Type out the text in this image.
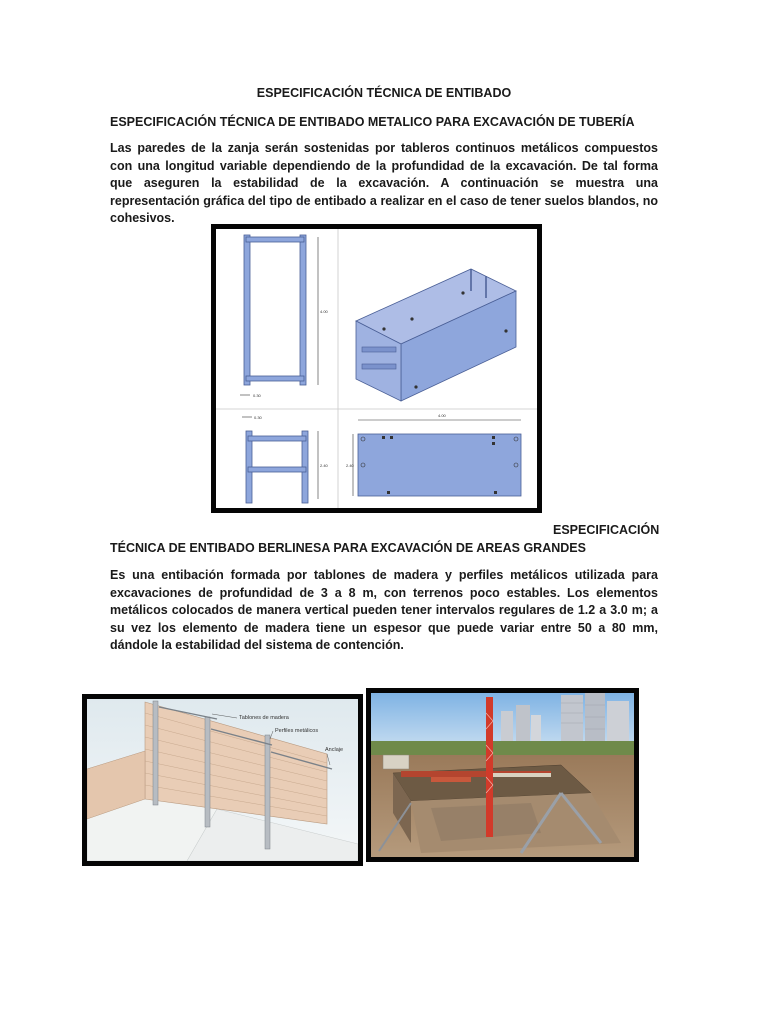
ESPECIFICACIÓN TÉCNICA DE ENTIBADO
ESPECIFICACIÓN TÉCNICA DE ENTIBADO METALICO PARA EXCAVACIÓN DE TUBERÍA

Las paredes de la zanja serán sostenidas por tableros continuos metálicos compuestos con una longitud variable dependiendo de la profundidad de la excavación. De tal forma que aseguren la estabilidad de la excavación. A continuación se muestra una representación gráfica del tipo de entibado a realizar en el caso de tener suelos blandos, no cohesivos.

4.00
0.30
0.30
2.40
4.00
2.40
ESPECIFICACIÓN
TÉCNICA DE ENTIBADO BERLINESA PARA EXCAVACIÓN DE AREAS GRANDES

Es una entibación formada por tablones de madera y perfiles metálicos utilizada para excavaciones de profundidad de 3 a 8 m, con terrenos poco estables. Los elementos metálicos colocados de manera vertical pueden tener intervalos regulares de 1.2 a 3.0 m; a su vez los elemento de madera tiene un espesor que puede variar entre 50 a 80 mm, dándole la estabilidad del sistema de contención.

Tablones de madera
Perfiles metálicos
Anclaje
